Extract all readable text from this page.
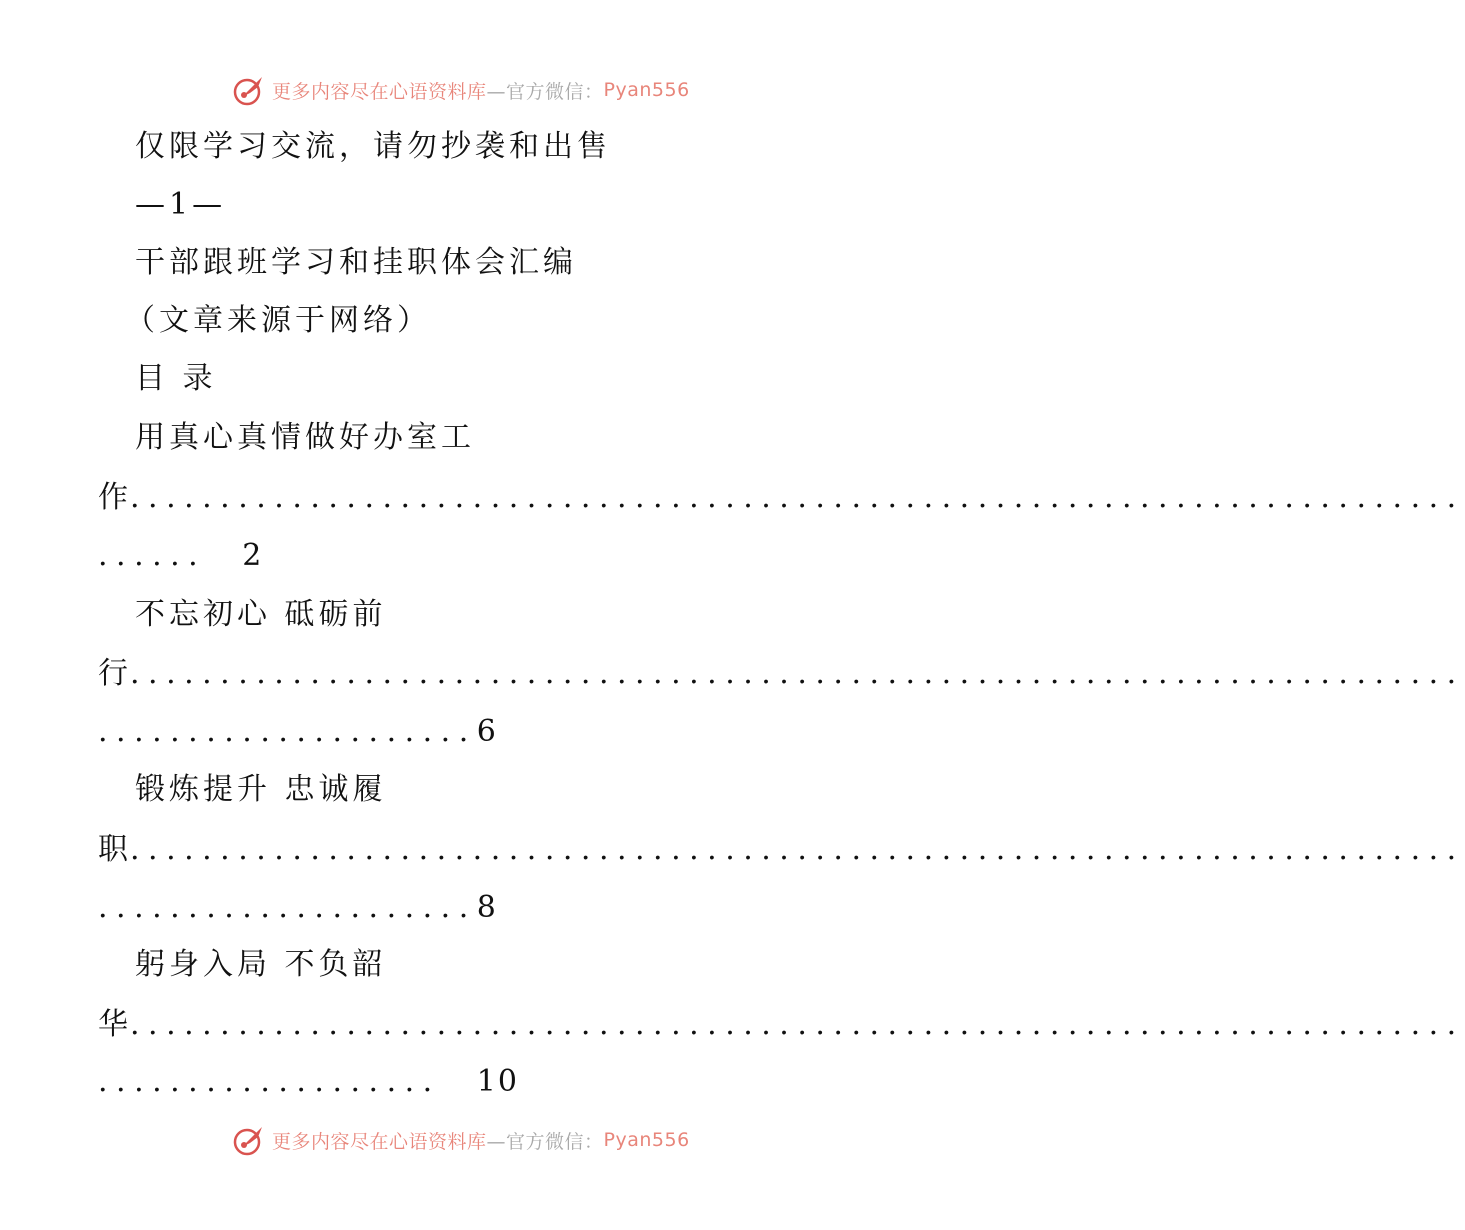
更多内容尽在心语资料库 —官方微信： Pyan556
仅限学习交流，请勿抄袭和出售
—1—
干部跟班学习和挂职体会汇编
（文章来源于网络）
目 录
用真心真情做好办室工
作
..........................................................................
...... 2
不忘初心 砥砺前
行
..........................................................................
.....................6
锻炼提升 忠诚履
职
..........................................................................
.....................8
躬身入局 不负韶
华
..........................................................................
................... 10
更多内容尽在心语资料库 —官方微信： Pyan556
